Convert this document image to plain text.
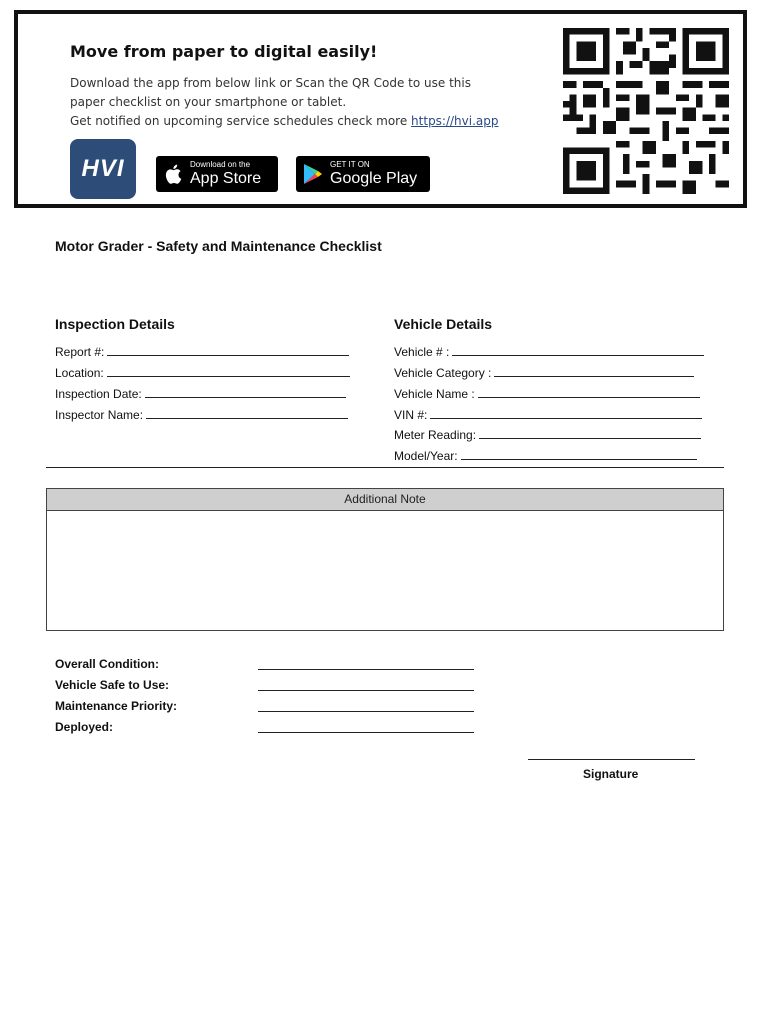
Move from paper to digital easily!
Download the app from below link or Scan the QR Code to use this
paper checklist on your smartphone or tablet.
Get notified on upcoming service schedules check more https://hvi.app
HVI	Download on the
App Store
GET IT ON
Google Play
Motor Grader - Safety and Maintenance Checklist
Inspection Details
Report #:
Location:
Inspection Date:
Inspector Name:
Vehicle Details
Vehicle # :
Vehicle Category :
Vehicle Name :
VIN #:
Meter Reading:
Model/Year:
Additional Note
Overall Condition:
Vehicle Safe to Use:
Maintenance Priority:
Deployed:
Signature
